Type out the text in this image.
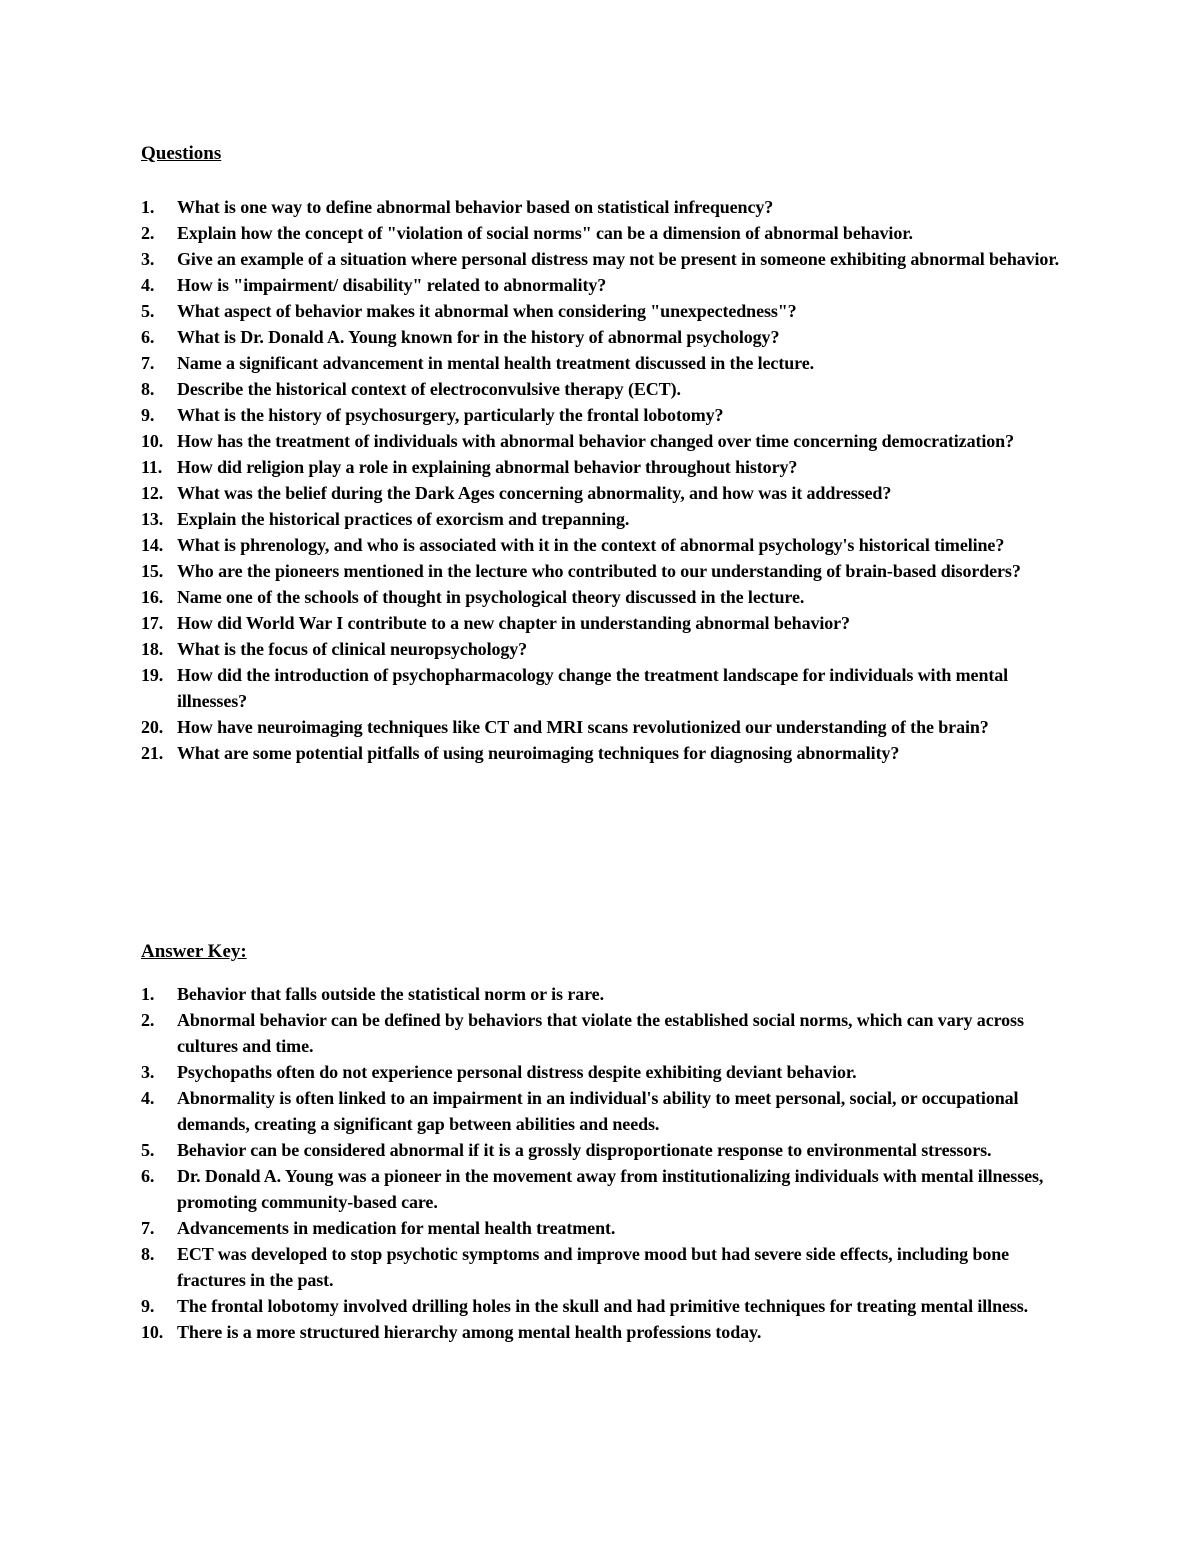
Questions
1. What is one way to define abnormal behavior based on statistical infrequency?
2. Explain how the concept of "violation of social norms" can be a dimension of abnormal behavior.
3. Give an example of a situation where personal distress may not be present in someone exhibiting abnormal behavior.
4. How is "impairment/ disability" related to abnormality?
5. What aspect of behavior makes it abnormal when considering "unexpectedness"?
6. What is Dr. Donald A. Young known for in the history of abnormal psychology?
7. Name a significant advancement in mental health treatment discussed in the lecture.
8. Describe the historical context of electroconvulsive therapy (ECT).
9. What is the history of psychosurgery, particularly the frontal lobotomy?
10. How has the treatment of individuals with abnormal behavior changed over time concerning democratization?
11. How did religion play a role in explaining abnormal behavior throughout history?
12. What was the belief during the Dark Ages concerning abnormality, and how was it addressed?
13. Explain the historical practices of exorcism and trepanning.
14. What is phrenology, and who is associated with it in the context of abnormal psychology's historical timeline?
15. Who are the pioneers mentioned in the lecture who contributed to our understanding of brain-based disorders?
16. Name one of the schools of thought in psychological theory discussed in the lecture.
17. How did World War I contribute to a new chapter in understanding abnormal behavior?
18. What is the focus of clinical neuropsychology?
19. How did the introduction of psychopharmacology change the treatment landscape for individuals with mental illnesses?
20. How have neuroimaging techniques like CT and MRI scans revolutionized our understanding of the brain?
21. What are some potential pitfalls of using neuroimaging techniques for diagnosing abnormality?
Answer Key:
1. Behavior that falls outside the statistical norm or is rare.
2. Abnormal behavior can be defined by behaviors that violate the established social norms, which can vary across cultures and time.
3. Psychopaths often do not experience personal distress despite exhibiting deviant behavior.
4. Abnormality is often linked to an impairment in an individual's ability to meet personal, social, or occupational demands, creating a significant gap between abilities and needs.
5. Behavior can be considered abnormal if it is a grossly disproportionate response to environmental stressors.
6. Dr. Donald A. Young was a pioneer in the movement away from institutionalizing individuals with mental illnesses, promoting community-based care.
7. Advancements in medication for mental health treatment.
8. ECT was developed to stop psychotic symptoms and improve mood but had severe side effects, including bone fractures in the past.
9. The frontal lobotomy involved drilling holes in the skull and had primitive techniques for treating mental illness.
10. There is a more structured hierarchy among mental health professions today.
